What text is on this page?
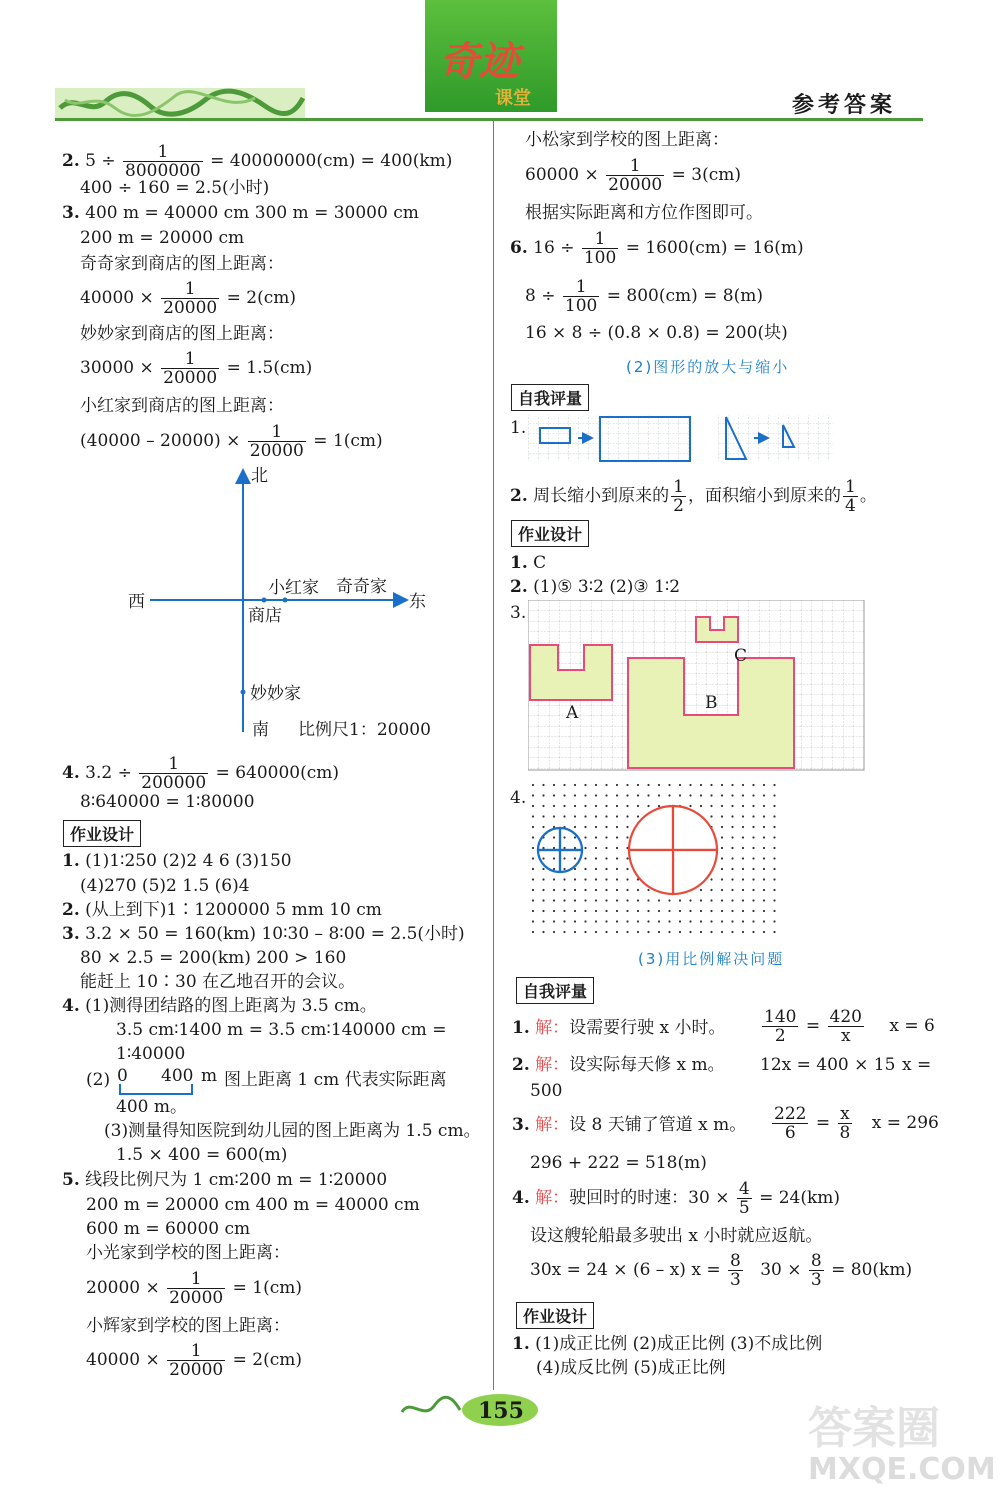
奇迹
课堂	参考答案
2. $5 \div \frac{1}{8000000} = 40000000(cm) = 400(km)$
400 ÷ 160 = 2.5(小时)
3. 400 m = 40000 cm 300 m = 30000 cm
200 m = 20000 cm
奇奇家到商店的图上距离：
$40000 \times \frac{1}{20000} = 2(cm)$
妙妙家到商店的图上距离：
$30000 \times \frac{1}{20000} = 1.5(cm)$
小红家到商店的图上距离：
$(40000 - 20000) \times \frac{1}{20000} = 1(cm)$
北
西	东
商店
小红家 奇奇家
妙妙家
南 比例尺1：20000
4. $3.2 \div \frac{1}{200000} = 640000(cm)$
8∶640000 = 1∶80000
作业设计
1. (1)1∶250 (2)2 4 6 (3)150
(4)270 (5)2 1.5 (6)4
2. (从上到下)1∶1200000 5 mm 10 cm
3. 3.2 × 50 = 160(km) 10∶30 – 8∶00 = 2.5(小时)
80 × 2.5 = 200(km) 200 > 160
能赶上 10∶30 在乙地召开的会议。
4. (1)测得团结路的图上距离为 3.5 cm。
3.5 cm∶1400 m = 3.5 cm∶140000 cm =
1∶40000
(2) 0 400 m 图上距离 1 cm 代表实际距离
400 m。
(3)测量得知医院到幼儿园的图上距离为 1.5 cm。
1.5 × 400 = 600(m)
5. 线段比例尺为 1 cm∶200 m = 1∶20000
200 m = 20000 cm 400 m = 40000 cm
600 m = 60000 cm
小光家到学校的图上距离：
$20000 \times \frac{1}{20000} = 1(cm)$
小辉家到学校的图上距离：
$40000 \times \frac{1}{20000} = 2(cm)$
小松家到学校的图上距离：
$60000 \times \frac{1}{20000} = 3(cm)$
根据实际距离和方位作图即可。
6. $16 \div \frac{1}{100} = 1600(cm) = 16(m)$
$8 \div \frac{1}{100} = 800(cm) = 8(m)$
16 × 8 ÷ (0.8 × 0.8) = 200(块)
(2)图形的放大与缩小
自我评量
1.
2. 周长缩小到原来的 $\frac{1}{2}$ ，面积缩小到原来的 $\frac{1}{4}$ 。
作业设计
1. C
2. (1)⑤ 3∶2 (2)③ 1∶2
3.
A	B
C
4.
(3)用比例解决问题
自我评量
1. 解：设需要行驶 x 小时。 $\frac{140}{2} = \frac{420}{x}$ x = 6
2. 解：设实际每天修 x m。 12x = 400 × 15 x =
500
3. 解：设 8 天铺了管道 x m。 $\frac{222}{6} = \frac{x}{8}$ x = 296
296 + 222 = 518(m)
4. 解：驶回时的时速：$30 \times \frac{4}{5} = 24(km)$
设这艘轮船最多驶出 x 小时就应返航。
30x = 24 × (6 – x) $x = \frac{8}{3} 30 \times \frac{8}{3} = 80(km)$
作业设计
1. (1)成正比例 (2)成正比例 (3)不成比例
(4)成反比例 (5)成正比例
155	答案圈
MXQE.COM
